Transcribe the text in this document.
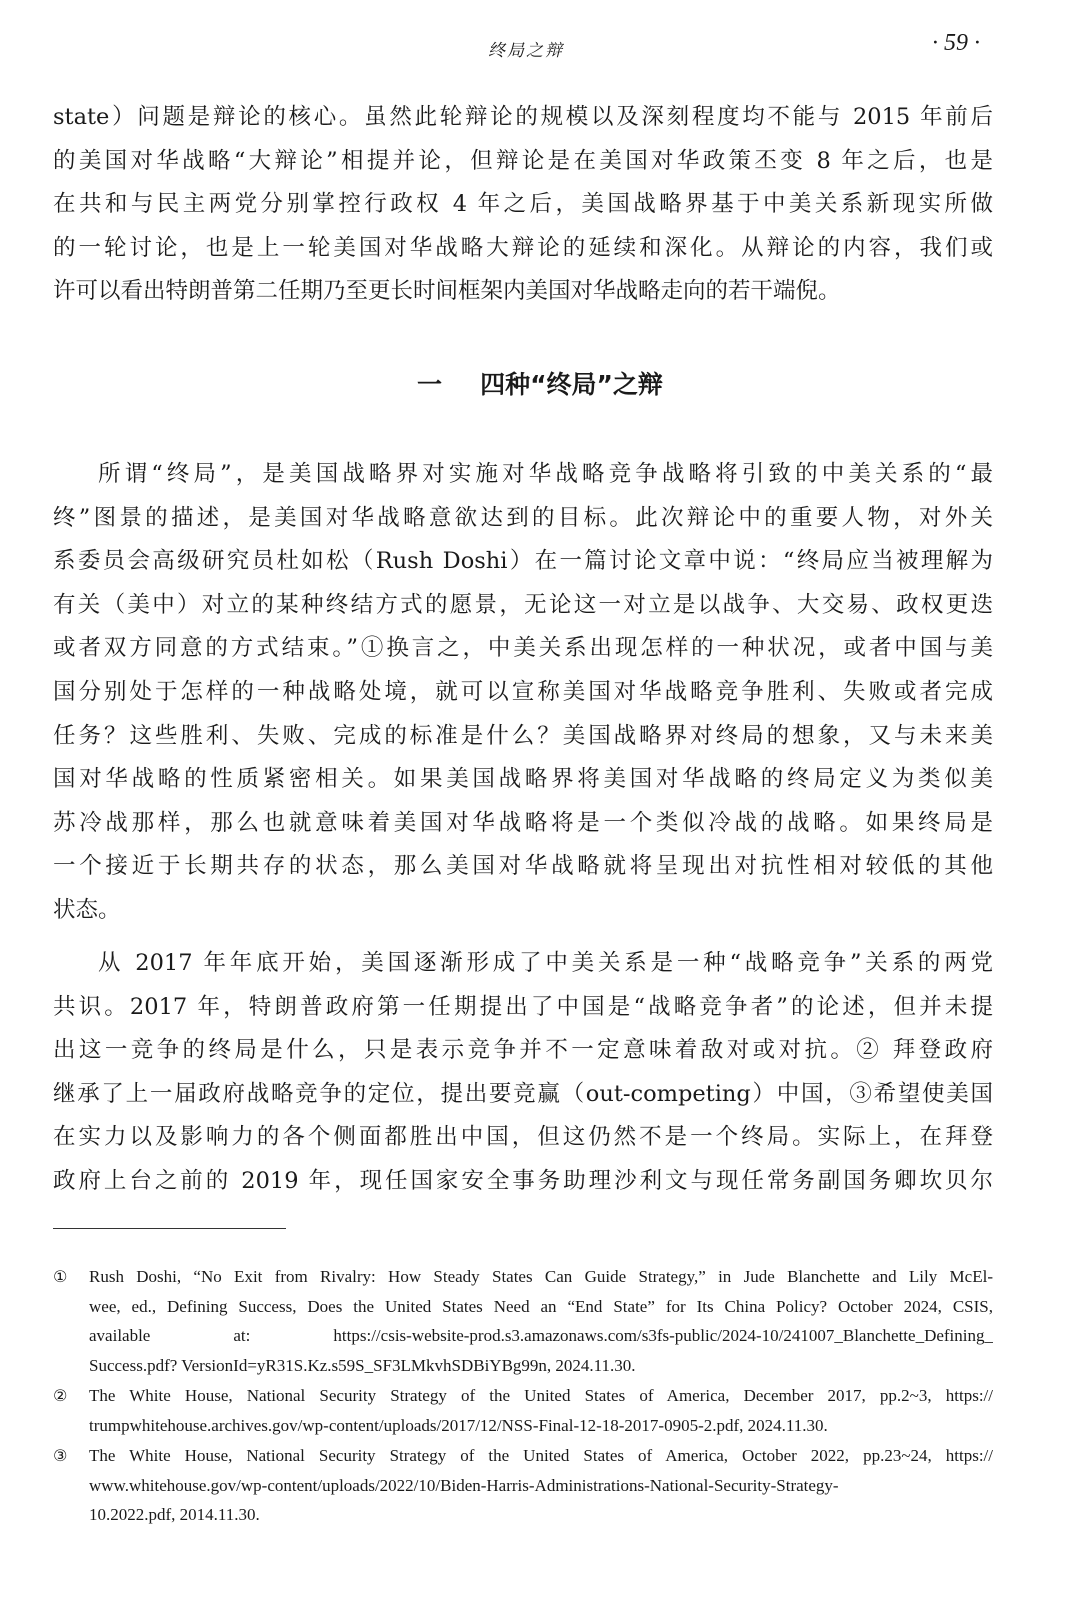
终局之辩	· 59 ·
state）问题是辩论的核心。虽然此轮辩论的规模以及深刻程度均不能与 2015 年前后
的美国对华战略“大辩论”相提并论，但辩论是在美国对华政策丕变 8 年之后，也是
在共和与民主两党分别掌控行政权 4 年之后，美国战略界基于中美关系新现实所做
的一轮讨论，也是上一轮美国对华战略大辩论的延续和深化。从辩论的内容，我们或
许可以看出特朗普第二任期乃至更长时间框架内美国对华战略走向的若干端倪。
一 四种“终局”之辩
所谓“终局”，是美国战略界对实施对华战略竞争战略将引致的中美关系的“最
终”图景的描述，是美国对华战略意欲达到的目标。此次辩论中的重要人物，对外关
系委员会高级研究员杜如松（Rush Doshi）在一篇讨论文章中说：“终局应当被理解为
有关（美中）对立的某种终结方式的愿景，无论这一对立是以战争、大交易、政权更迭
或者双方同意的方式结束。”①换言之，中美关系出现怎样的一种状况，或者中国与美
国分别处于怎样的一种战略处境，就可以宣称美国对华战略竞争胜利、失败或者完成
任务？这些胜利、失败、完成的标准是什么？美国战略界对终局的想象，又与未来美
国对华战略的性质紧密相关。如果美国战略界将美国对华战略的终局定义为类似美
苏冷战那样，那么也就意味着美国对华战略将是一个类似冷战的战略。如果终局是
一个接近于长期共存的状态，那么美国对华战略就将呈现出对抗性相对较低的其他
状态。
从 2017 年年底开始，美国逐渐形成了中美关系是一种“战略竞争”关系的两党
共识。2017 年，特朗普政府第一任期提出了中国是“战略竞争者”的论述，但并未提
出这一竞争的终局是什么，只是表示竞争并不一定意味着敌对或对抗。② 拜登政府
继承了上一届政府战略竞争的定位，提出要竞赢（out-competing）中国，③希望使美国
在实力以及影响力的各个侧面都胜出中国，但这仍然不是一个终局。实际上，在拜登
政府上台之前的 2019 年，现任国家安全事务助理沙利文与现任常务副国务卿坎贝尔
① Rush Doshi, “No Exit from Rivalry: How Steady States Can Guide Strategy,” in Jude Blanchette and Lily McEl-
wee, ed., Defining Success, Does the United States Need an “End State” for Its China Policy? October 2024, CSIS,
available at: https://csis-website-prod.s3.amazonaws.com/s3fs-public/2024-10/241007_Blanchette_Defining_
Success.pdf? VersionId=yR31S.Kz.s59S_SF3LMkvhSDBiYBg99n, 2024.11.30.
② The White House, National Security Strategy of the United States of America, December 2017, pp.2~3, https://
trumpwhitehouse.archives.gov/wp-content/uploads/2017/12/NSS-Final-12-18-2017-0905-2.pdf, 2024.11.30.
③ The White House, National Security Strategy of the United States of America, October 2022, pp.23~24, https://
www.whitehouse.gov/wp-content/uploads/2022/10/Biden-Harris-Administrations-National-Security-Strategy-
10.2022.pdf, 2014.11.30.
